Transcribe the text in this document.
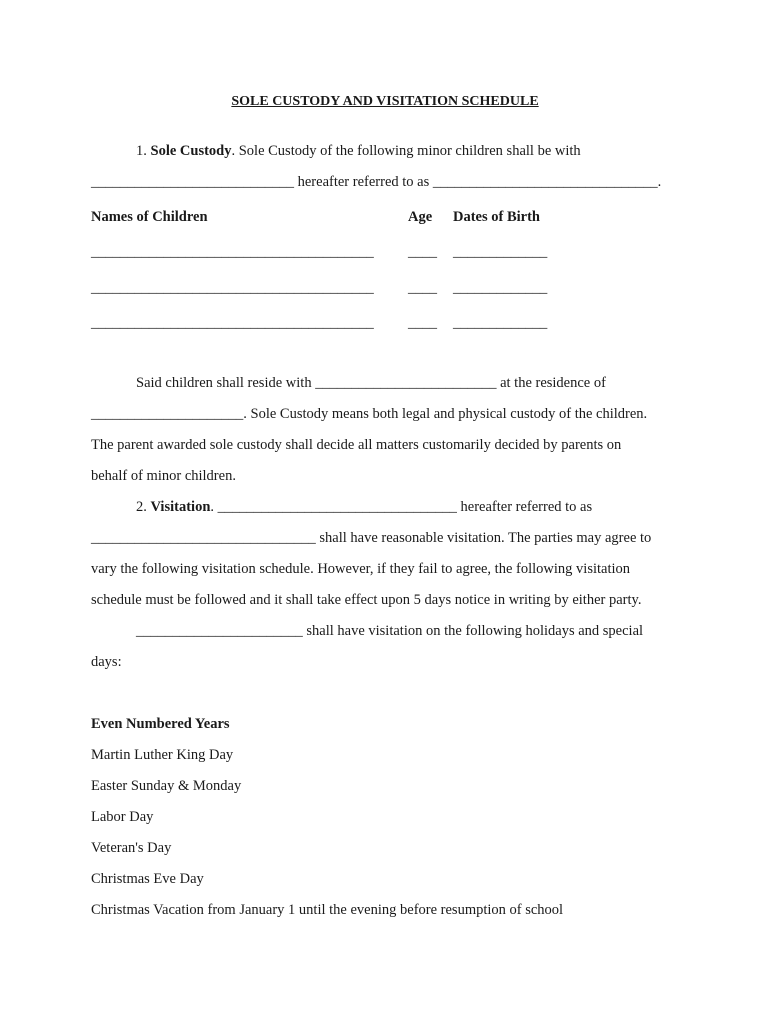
SOLE CUSTODY AND VISITATION SCHEDULE
1. Sole Custody. Sole Custody of the following minor children shall be with
____________________________ hereafter referred to as _______________________________.
Names of Children	Age Dates of Birth
_______________________________________ ____ _____________
_______________________________________ ____ _____________
_______________________________________ ____ _____________
Said children shall reside with _________________________ at the residence of
_____________________. Sole Custody means both legal and physical custody of the children.
The parent awarded sole custody shall decide all matters customarily decided by parents on
behalf of minor children.
2. Visitation. _________________________________ hereafter referred to as
_______________________________ shall have reasonable visitation. The parties may agree to
vary the following visitation schedule. However, if they fail to agree, the following visitation
schedule must be followed and it shall take effect upon 5 days notice in writing by either party.
_______________________ shall have visitation on the following holidays and special
days:
Even Numbered Years
Martin Luther King Day
Easter Sunday & Monday
Labor Day
Veteran's Day
Christmas Eve Day
Christmas Vacation from January 1 until the evening before resumption of school
